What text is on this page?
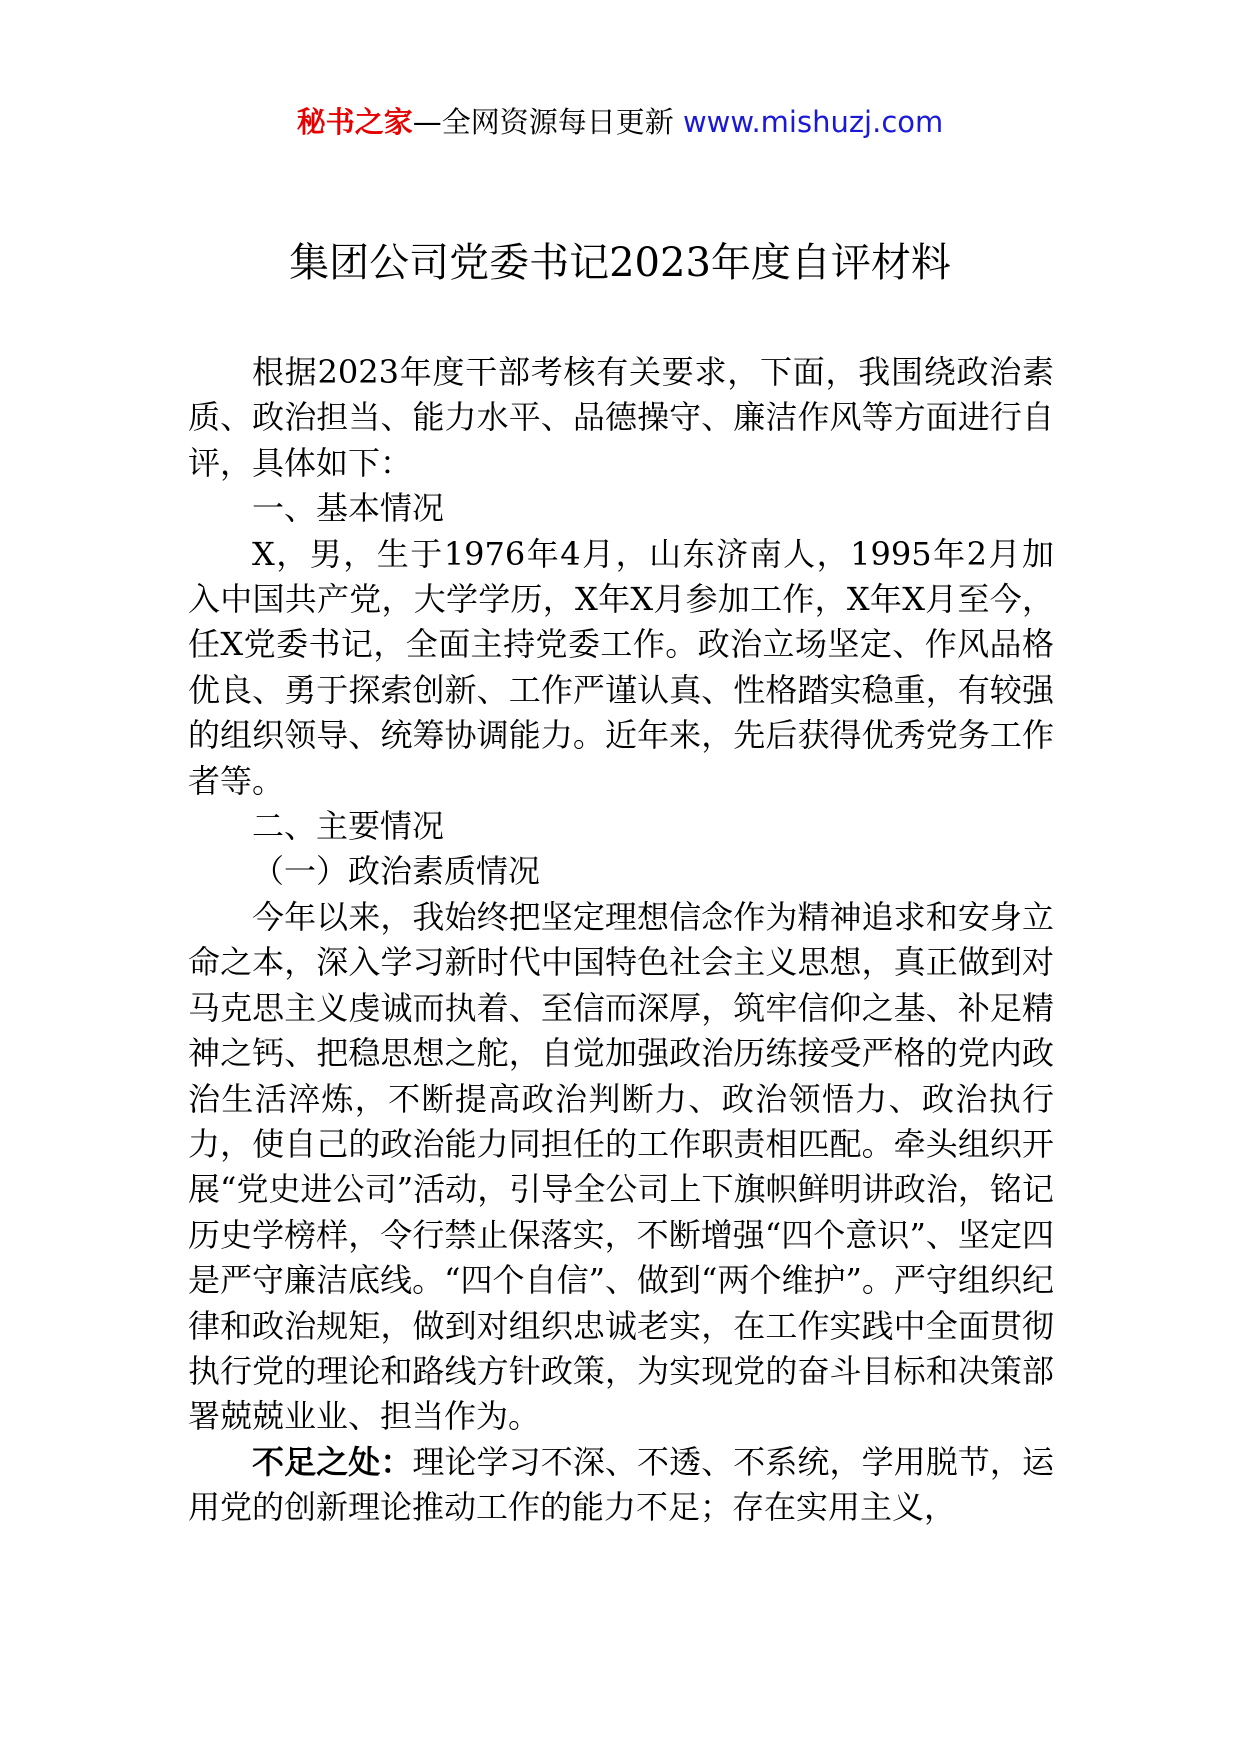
秘书之家—全网资源每日更新 www.mishuzj.com
集团公司党委书记2023年度自评材料

根据2023年度干部考核有关要求，下面，我围绕政治素质、政治担当、能力水平、品德操守、廉洁作风等方面进行自评，具体如下：

一、基本情况

X，男，生于1976年4月，山东济南人，1995年2月加入中国共产党，大学学历，X年X月参加工作，X年X月至今，任X党委书记，全面主持党委工作。政治立场坚定、作风品格优良、勇于探索创新、工作严谨认真、性格踏实稳重，有较强的组织领导、统筹协调能力。近年来，先后获得优秀党务工作者等。

二、主要情况

（一）政治素质情况

今年以来，我始终把坚定理想信念作为精神追求和安身立命之本，深入学习新时代中国特色社会主义思想，真正做到对马克思主义虔诚而执着、至信而深厚，筑牢信仰之基、补足精神之钙、把稳思想之舵，自觉加强政治历练接受严格的党内政治生活淬炼，不断提高政治判断力、政治领悟力、政治执行力，使自己的政治能力同担任的工作职责相匹配。牵头组织开展“党史进公司”活动，引导全公司上下旗帜鲜明讲政治，铭记历史学榜样，令行禁止保落实，不断增强“四个意识”、坚定四是严守廉洁底线。“四个自信”、做到“两个维护”。严守组织纪律和政治规矩，做到对组织忠诚老实，在工作实践中全面贯彻执行党的理论和路线方针政策，为实现党的奋斗目标和决策部署兢兢业业、担当作为。

不足之处：理论学习不深、不透、不系统，学用脱节，运用党的创新理论推动工作的能力不足；存在实用主义，
